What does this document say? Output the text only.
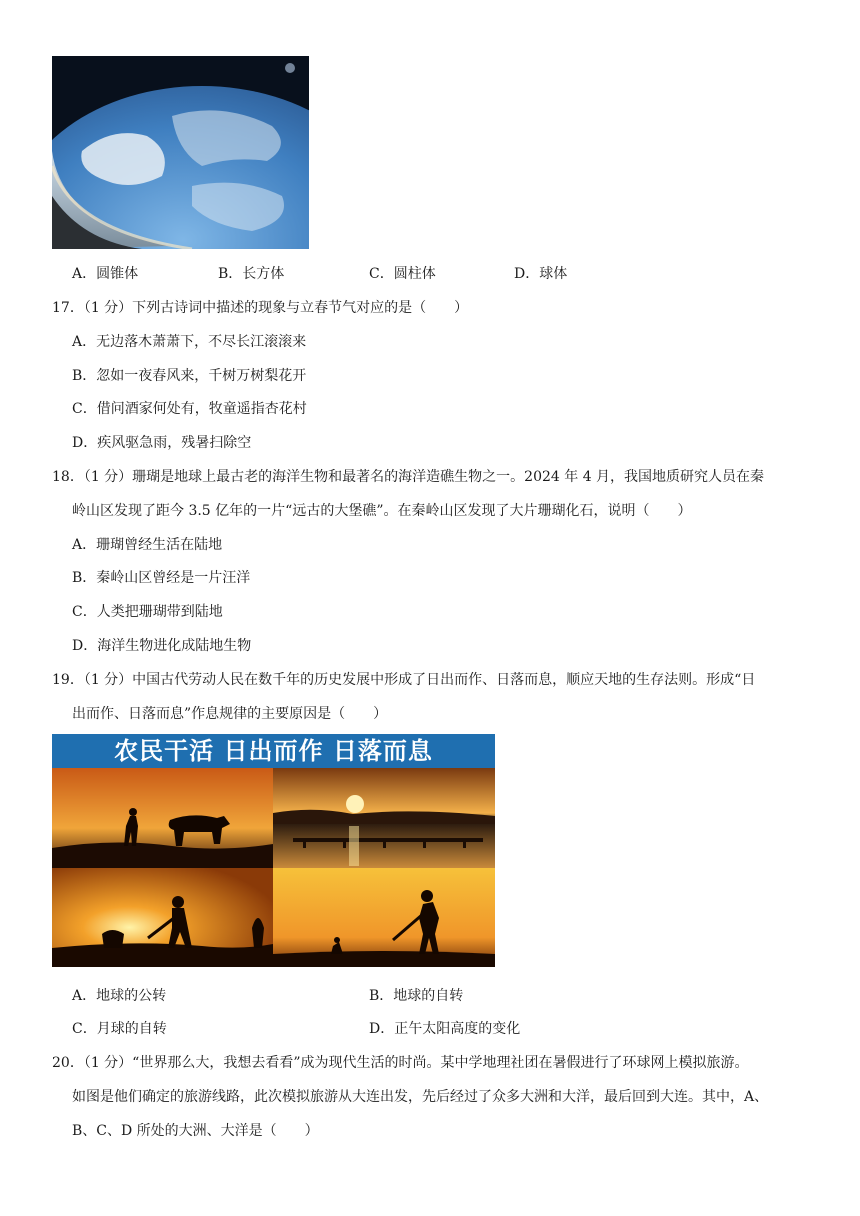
A．圆锥体	B．长方体	C．圆柱体	D．球体
17．（1 分）下列古诗词中描述的现象与立春节气对应的是（　　）
A．无边落木萧萧下，不尽长江滚滚来
B．忽如一夜春风来，千树万树梨花开
C．借问酒家何处有，牧童遥指杏花村
D．疾风驱急雨，残暑扫除空
18．（1 分）珊瑚是地球上最古老的海洋生物和最著名的海洋造礁生物之一。2024 年 4 月，我国地质研究人员在秦
岭山区发现了距今 3.5 亿年的一片“远古的大堡礁”。在秦岭山区发现了大片珊瑚化石，说明（　　）
A．珊瑚曾经生活在陆地
B．秦岭山区曾经是一片汪洋
C．人类把珊瑚带到陆地
D．海洋生物进化成陆地生物
19．（1 分）中国古代劳动人民在数千年的历史发展中形成了日出而作、日落而息，顺应天地的生存法则。形成“日
出而作、日落而息”作息规律的主要原因是（　　）
农民干活 日出而作 日落而息
A．地球的公转	B．地球的自转
C．月球的自转	D．正午太阳高度的变化
20．（1 分）“世界那么大，我想去看看”成为现代生活的时尚。某中学地理社团在暑假进行了环球网上模拟旅游。
如图是他们确定的旅游线路，此次模拟旅游从大连出发，先后经过了众多大洲和大洋，最后回到大连。其中，A、
B、C、D 所处的大洲、大洋是（　　）
